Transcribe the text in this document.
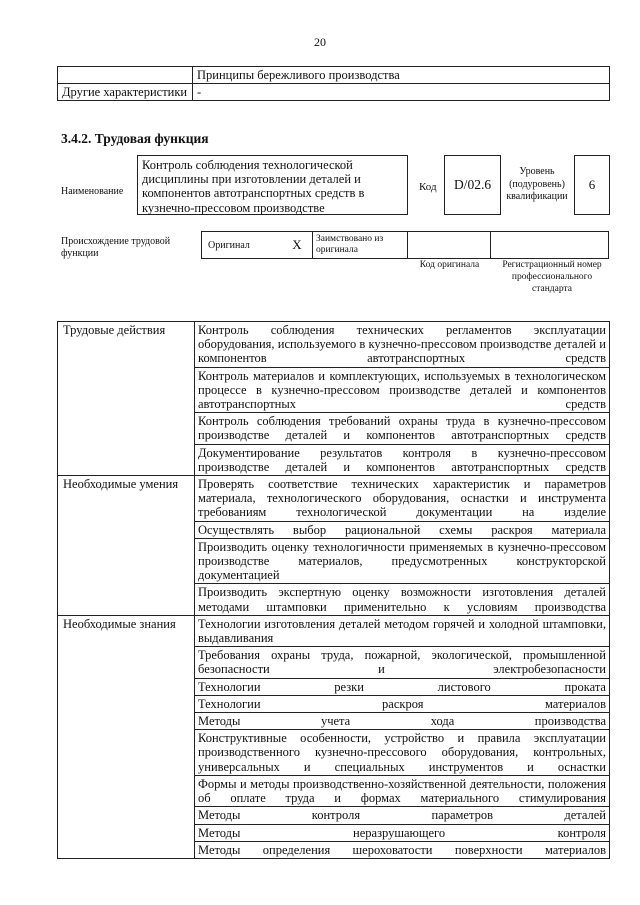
20
	Принципы бережливого производства
Другие характеристики	-
3.4.2. Трудовая функция
Наименование
Контроль соблюдения технологической дисциплины при изготовлении деталей и компонентов автотранспортных средств в кузнечно-прессовом производстве
Код	D/02.6
Уровень (подуровень) квалификации
6
Происхождение трудовой функции
Оригинал	X	Заимствовано из оригинала
Код оригинала	Регистрационный номер профессионального стандарта
Трудовые действия	Контроль соблюдения технических регламентов эксплуатации оборудования, используемого в кузнечно-прессовом производстве деталей и компонентов автотранспортных средств
	Контроль материалов и комплектующих, используемых в технологическом процессе в кузнечно-прессовом производстве деталей и компонентов автотранспортных средств
	Контроль соблюдения требований охраны труда в кузнечно-прессовом производстве деталей и компонентов автотранспортных средств
	Документирование результатов контроля в кузнечно-прессовом производстве деталей и компонентов автотранспортных средств
Необходимые умения	Проверять соответствие технических характеристик и параметров материала, технологического оборудования, оснастки и инструмента требованиям технологической документации на изделие
	Осуществлять выбор рациональной схемы раскроя материала
	Производить оценку технологичности применяемых в кузнечно-прессовом производстве материалов, предусмотренных конструкторской документацией
	Производить экспертную оценку возможности изготовления деталей методами штамповки применительно к условиям производства
Необходимые знания	Технологии изготовления деталей методом горячей и холодной штамповки, выдавливания
	Требования охраны труда, пожарной, экологической, промышленной безопасности и электробезопасности
	Технологии резки листового проката
	Технологии раскроя материалов
	Методы учета хода производства
	Конструктивные особенности, устройство и правила эксплуатации производственного кузнечно-прессового оборудования, контрольных, универсальных и специальных инструментов и оснастки
	Формы и методы производственно-хозяйственной деятельности, положения об оплате труда и формах материального стимулирования
	Методы контроля параметров деталей
	Методы неразрушающего контроля
	Методы определения шероховатости поверхности материалов
